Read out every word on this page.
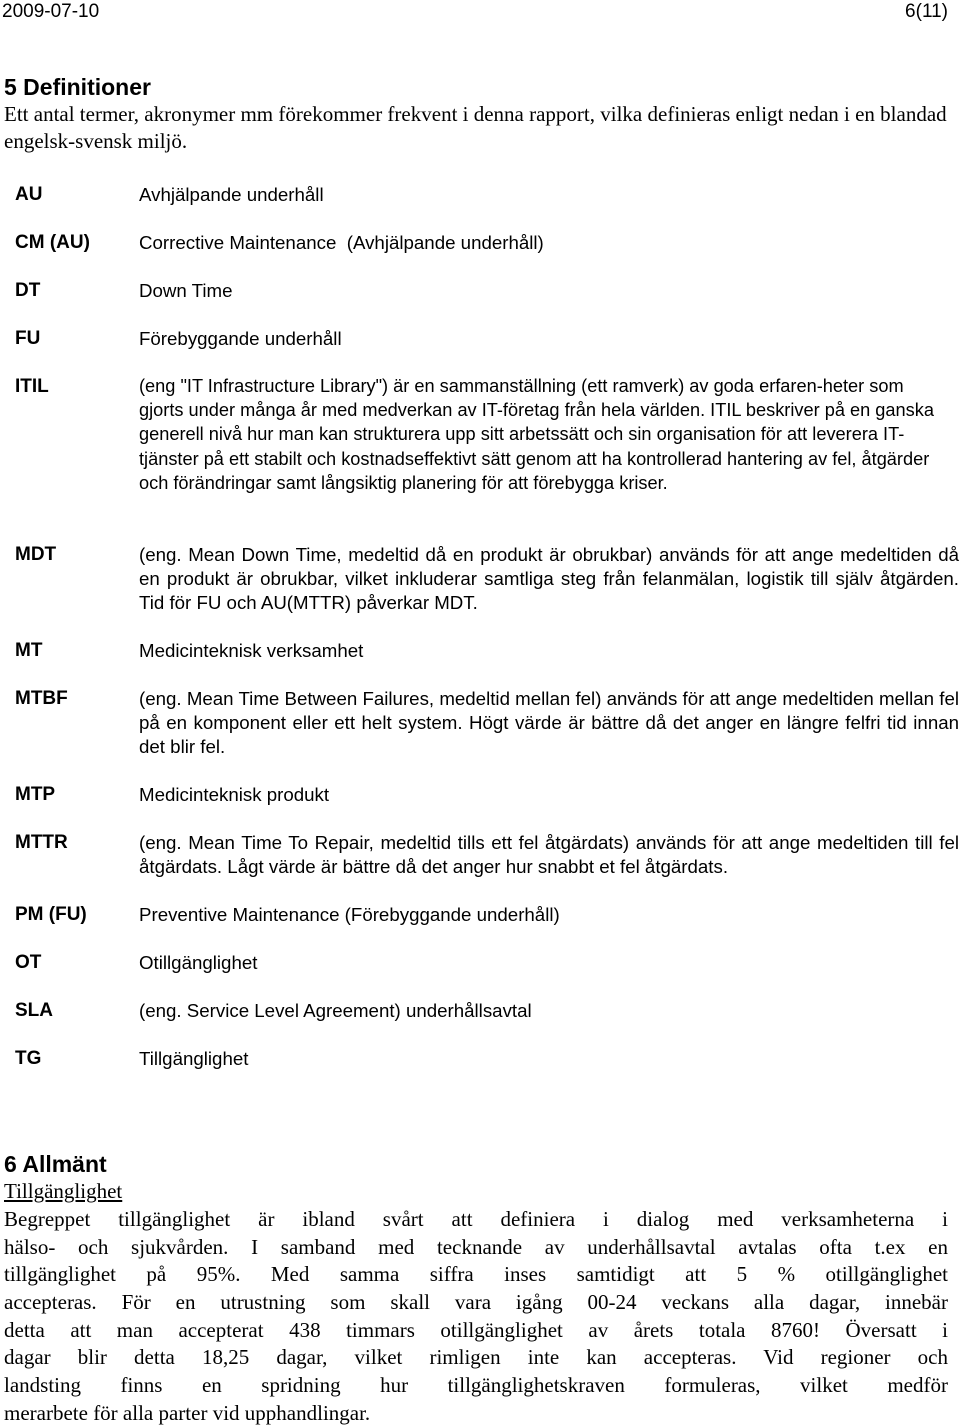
2009-07-10	6(11)
5 Definitioner
Ett antal termer, akronymer mm förekommer frekvent i denna rapport, vilka definieras enligt nedan i en blandad engelsk-svensk miljö.
AU	Avhjälpande underhåll
CM (AU)	Corrective Maintenance  (Avhjälpande underhåll)
DT	Down Time
FU	Förebyggande underhåll
ITIL	(eng "IT Infrastructure Library") är en sammanställning (ett ramverk) av goda erfaren-heter som gjorts under många år med medverkan av IT-företag från hela världen. ITIL beskriver på en ganska generell nivå hur man kan strukturera upp sitt arbetssätt och sin organisation för att leverera IT-tjänster på ett stabilt och kostnadseffektivt sätt genom att ha kontrollerad hantering av fel, åtgärder och förändringar samt långsiktig planering för att förebygga kriser.
MDT	(eng. Mean Down Time, medeltid då en produkt är obrukbar) används för att ange medeltiden då en produkt är obrukbar, vilket inkluderar samtliga steg från felanmälan, logistik till själv åtgärden. Tid för FU och AU(MTTR) påverkar MDT.
MT	Medicinteknisk verksamhet
MTBF	(eng. Mean Time Between Failures, medeltid mellan fel) används för att ange medeltiden mellan fel på en komponent eller ett helt system. Högt värde är bättre då det anger en längre felfri tid innan det blir fel.
MTP	Medicinteknisk produkt
MTTR	(eng. Mean Time To Repair, medeltid tills ett fel åtgärdats) används för att ange medeltiden till fel åtgärdats. Lågt värde är bättre då det anger hur snabbt et fel åtgärdats.
PM (FU)	Preventive Maintenance (Förebyggande underhåll)
OT	Otillgänglighet
SLA	(eng. Service Level Agreement) underhållsavtal
TG	Tillgänglighet
6 Allmänt
Tillgänglighet
Begreppet tillgänglighet är ibland svårt att definiera i dialog med verksamheterna i
hälso- och sjukvården. I samband med tecknande av underhållsavtal avtalas ofta t.ex en
tillgänglighet på 95%. Med samma siffra inses samtidigt att 5 % otillgänglighet
accepteras. För en utrustning som skall vara igång 00-24 veckans alla dagar, innebär
detta att man accepterat 438 timmars otillgänglighet av årets totala 8760! Översatt i
dagar blir detta 18,25 dagar, vilket rimligen inte kan accepteras. Vid regioner och
landsting finns en spridning hur tillgänglighetskraven formuleras, vilket medför
merarbete för alla parter vid upphandlingar.
